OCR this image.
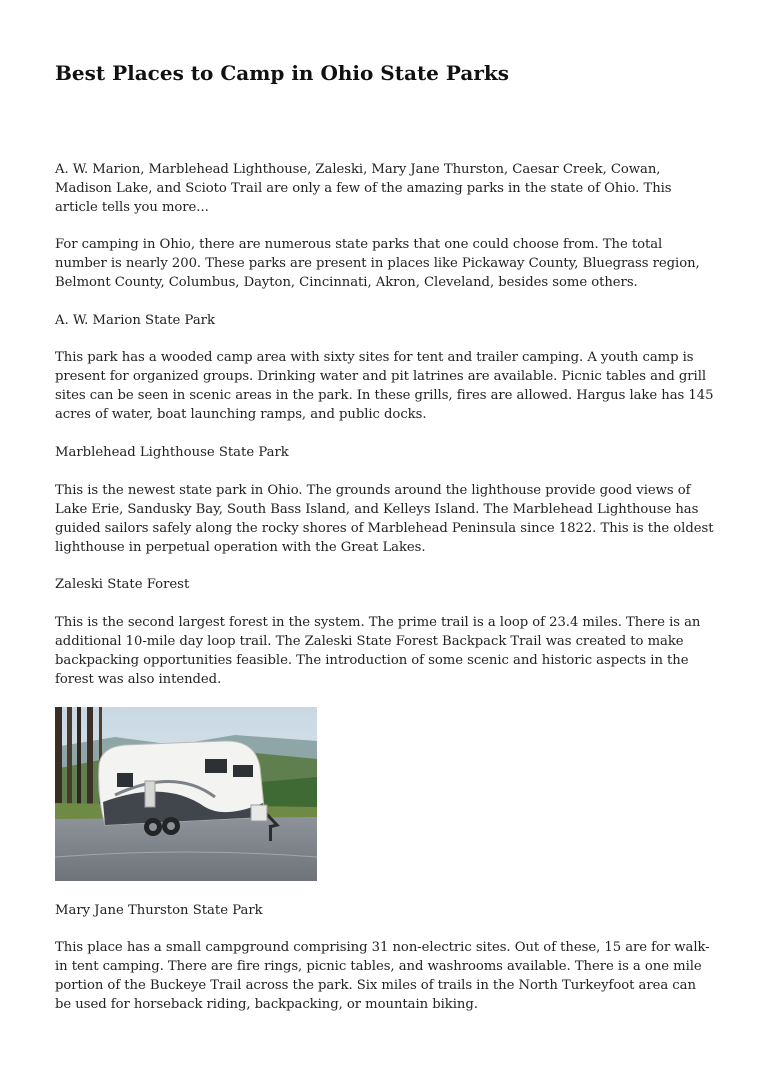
Best Places to Camp in Ohio State Parks

A. W. Marion, Marblehead Lighthouse, Zaleski, Mary Jane Thurston, Caesar Creek, Cowan, Madison Lake, and Scioto Trail are only a few of the amazing parks in the state of Ohio. This article tells you more...

For camping in Ohio, there are numerous state parks that one could choose from. The total number is nearly 200. These parks are present in places like Pickaway County, Bluegrass region, Belmont County, Columbus, Dayton, Cincinnati, Akron, Cleveland, besides some others.

A. W. Marion State Park

This park has a wooded camp area with sixty sites for tent and trailer camping. A youth camp is present for organized groups. Drinking water and pit latrines are available. Picnic tables and grill sites can be seen in scenic areas in the park. In these grills, fires are allowed. Hargus lake has 145 acres of water, boat launching ramps, and public docks.

Marblehead Lighthouse State Park

This is the newest state park in Ohio. The grounds around the lighthouse provide good views of Lake Erie, Sandusky Bay, South Bass Island, and Kelleys Island. The Marblehead Lighthouse has guided sailors safely along the rocky shores of Marblehead Peninsula since 1822. This is the oldest lighthouse in perpetual operation with the Great Lakes.

Zaleski State Forest

This is the second largest forest in the system. The prime trail is a loop of 23.4 miles. There is an additional 10-mile day loop trail. The Zaleski State Forest Backpack Trail was created to make backpacking opportunities feasible. The introduction of some scenic and historic aspects in the forest was also intended.

Mary Jane Thurston State Park

This place has a small campground comprising 31 non-electric sites. Out of these, 15 are for walk-in tent camping. There are fire rings, picnic tables, and washrooms available. There is a one mile portion of the Buckeye Trail across the park. Six miles of trails in the North Turkeyfoot area can be used for horseback riding, backpacking, or mountain biking.
